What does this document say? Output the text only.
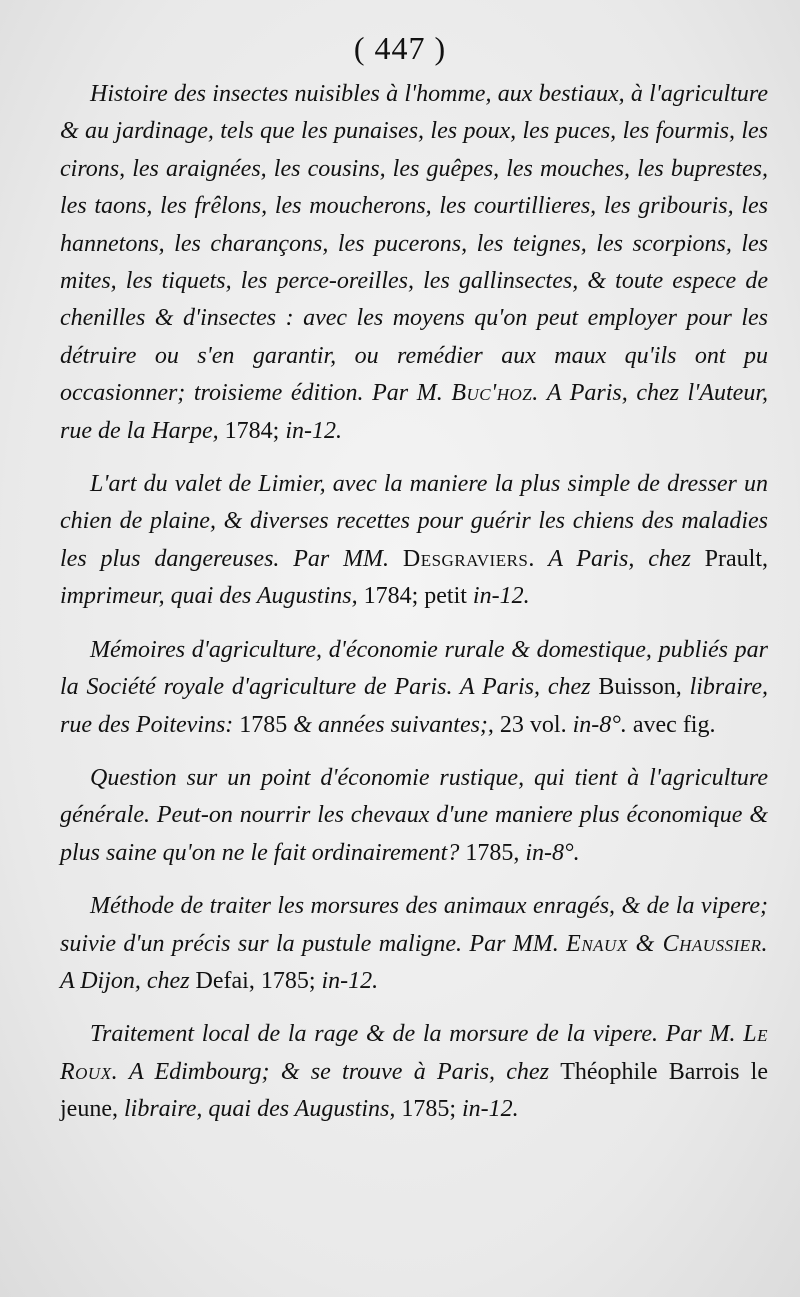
( 447 )

Histoire des insectes nuisibles à l'homme, aux bestiaux, à l'agriculture & au jardinage, tels que les punaises, les poux, les puces, les fourmis, les cirons, les araignées, les cousins, les guêpes, les mouches, les buprestes, les taons, les frêlons, les moucherons, les courtillieres, les gribouris, les hannetons, les charançons, les pucerons, les teignes, les scorpions, les mites, les tiquets, les perce-oreilles, les gallinsectes, & toute espece de chenilles & d'insectes : avec les moyens qu'on peut employer pour les détruire ou s'en garantir, ou remédier aux maux qu'ils ont pu occasionner; troisieme édition. Par M. Buc'hoz. A Paris, chez l'Auteur, rue de la Harpe, 1784; in-12.

L'art du valet de Limier, avec la maniere la plus simple de dresser un chien de plaine, & diverses recettes pour guérir les chiens des maladies les plus dangereuses. Par MM. Desgraviers. A Paris, chez Prault, imprimeur, quai des Augustins, 1784; petit in-12.

Mémoires d'agriculture, d'économie rurale & domestique, publiés par la Société royale d'agriculture de Paris. A Paris, chez Buisson, libraire, rue des Poitevins: 1785 & années suivantes;, 23 vol. in-8°. avec fig.

Question sur un point d'économie rustique, qui tient à l'agriculture générale. Peut-on nourrir les chevaux d'une maniere plus économique & plus saine qu'on ne le fait ordinairement? 1785, in-8°.

Méthode de traiter les morsures des animaux enragés, & de la vipere; suivie d'un précis sur la pustule maligne. Par MM. Enaux & Chaussier. A Dijon, chez Defai, 1785; in-12.

Traitement local de la rage & de la morsure de la vipere. Par M. Le Roux. A Edimbourg; & se trouve à Paris, chez Théophile Barrois le jeune, libraire, quai des Augustins, 1785; in-12.
